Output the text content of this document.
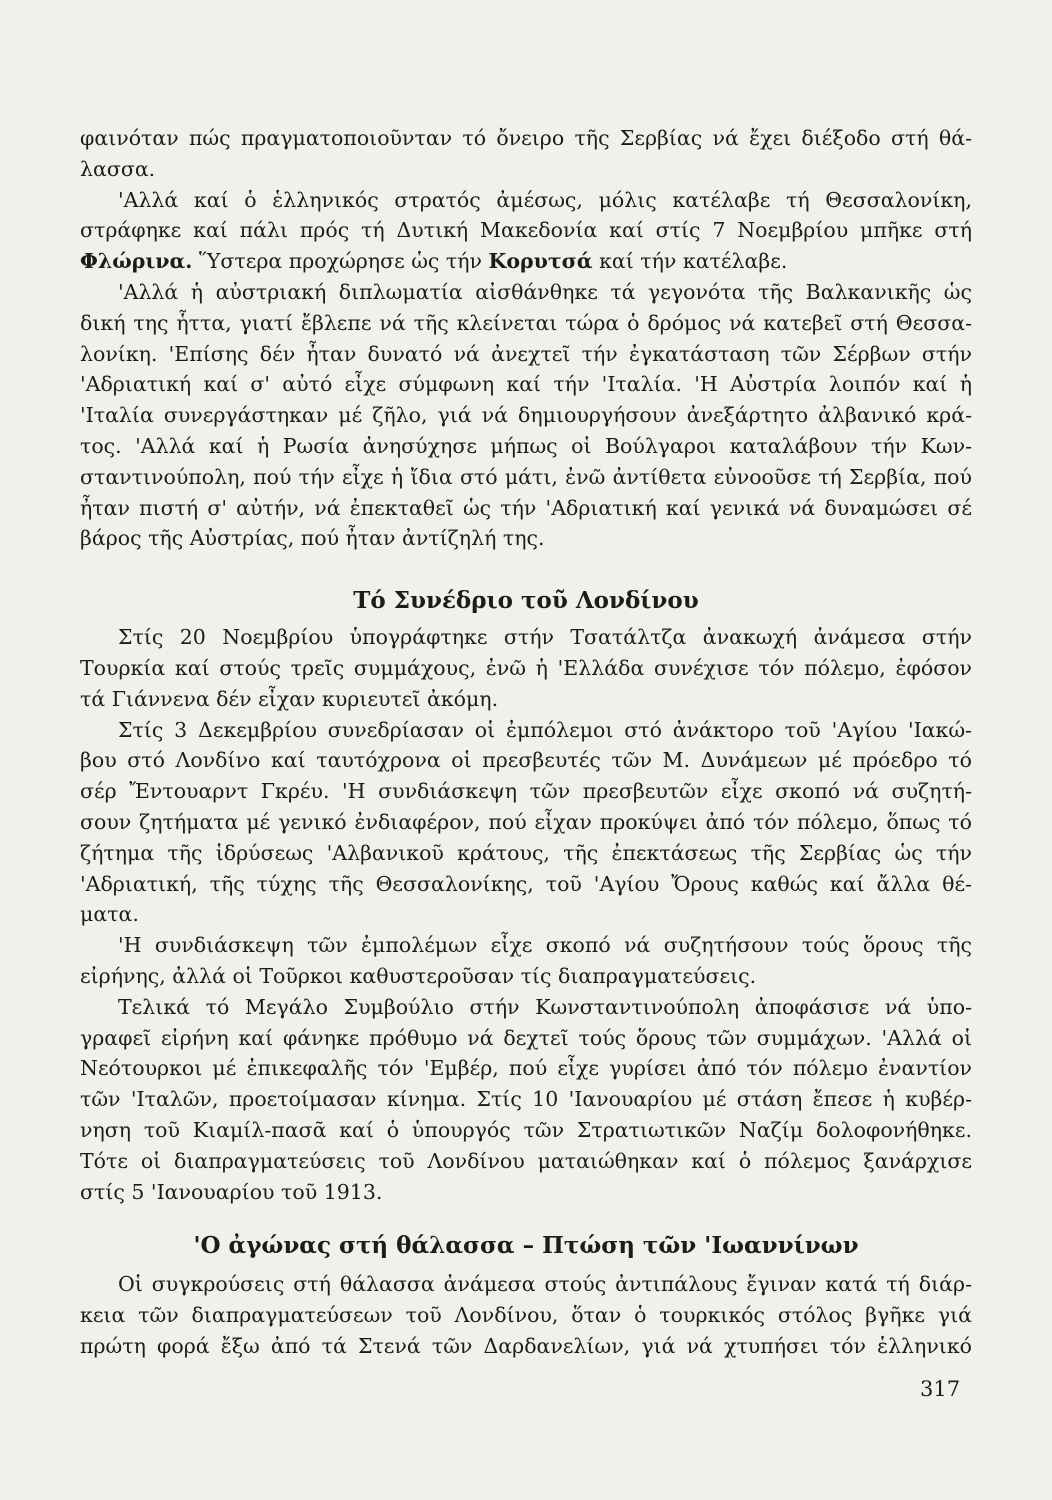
φαινόταν πώς πραγματοποιοῦνταν τό ὄνειρο τῆς Σερβίας νά ἔχει διέξοδο στή θά-
λασσα.

'Αλλά καί ὁ ἑλληνικός στρατός ἀμέσως, μόλις κατέλαβε τή Θεσσαλονίκη,
στράφηκε καί πάλι πρός τή Δυτική Μακεδονία καί στίς 7 Νοεμβρίου μπῆκε στή
Φλώρινα. Ὕστερα προχώρησε ὡς τήν Κορυτσά καί τήν κατέλαβε.

'Αλλά ἡ αὐστριακή διπλωματία αἰσθάνθηκε τά γεγονότα τῆς Βαλκανικῆς ὡς
δική της ἧττα, γιατί ἔβλεπε νά τῆς κλείνεται τώρα ὁ δρόμος νά κατεβεῖ στή Θεσσα-
λονίκη. 'Επίσης δέν ἦταν δυνατό νά ἀνεχτεῖ τήν ἐγκατάσταση τῶν Σέρβων στήν
'Αδριατική καί σ' αὐτό εἶχε σύμφωνη καί τήν 'Ιταλία. 'Η Αὐστρία λοιπόν καί ἡ
'Ιταλία συνεργάστηκαν μέ ζῆλο, γιά νά δημιουργήσουν ἀνεξάρτητο ἀλβανικό κρά-
τος. 'Αλλά καί ἡ Ρωσία ἀνησύχησε μήπως οἱ Βούλγαροι καταλάβουν τήν Κων-
σταντινούπολη, πού τήν εἶχε ἡ ἴδια στό μάτι, ἐνῶ ἀντίθετα εὐνοοῦσε τή Σερβία, πού
ἦταν πιστή σ' αὐτήν, νά ἐπεκταθεῖ ὡς τήν 'Αδριατική καί γενικά νά δυναμώσει σέ
βάρος τῆς Αὐστρίας, πού ἦταν ἀντίζηλή της.

Τό Συνέδριο τοῦ Λονδίνου

Στίς 20 Νοεμβρίου ὑπογράφτηκε στήν Τσατάλτζα ἀνακωχή ἀνάμεσα στήν
Τουρκία καί στούς τρεῖς συμμάχους, ἐνῶ ἡ 'Ελλάδα συνέχισε τόν πόλεμο, ἐφόσον
τά Γιάννενα δέν εἶχαν κυριευτεῖ ἀκόμη.

Στίς 3 Δεκεμβρίου συνεδρίασαν οἱ ἐμπόλεμοι στό ἀνάκτορο τοῦ 'Αγίου 'Ιακώ-
βου στό Λονδίνο καί ταυτόχρονα οἱ πρεσβευτές τῶν Μ. Δυνάμεων μέ πρόεδρο τό
σέρ Ἔντουαρντ Γκρέυ. 'Η συνδιάσκεψη τῶν πρεσβευτῶν εἶχε σκοπό νά συζητή-
σουν ζητήματα μέ γενικό ἐνδιαφέρον, πού εἶχαν προκύψει ἀπό τόν πόλεμο, ὅπως τό
ζήτημα τῆς ἱδρύσεως 'Αλβανικοῦ κράτους, τῆς ἐπεκτάσεως τῆς Σερβίας ὡς τήν
'Αδριατική, τῆς τύχης τῆς Θεσσαλονίκης, τοῦ 'Αγίου Ὄρους καθώς καί ἄλλα θέ-
ματα.

'Η συνδιάσκεψη τῶν ἐμπολέμων εἶχε σκοπό νά συζητήσουν τούς ὅρους τῆς
εἰρήνης, ἀλλά οἱ Τοῦρκοι καθυστεροῦσαν τίς διαπραγματεύσεις.

Τελικά τό Μεγάλο Συμβούλιο στήν Κωνσταντινούπολη ἀποφάσισε νά ὑπο-
γραφεῖ εἰρήνη καί φάνηκε πρόθυμο νά δεχτεῖ τούς ὅρους τῶν συμμάχων. 'Αλλά οἱ
Νεότουρκοι μέ ἐπικεφαλῆς τόν 'Εμβέρ, πού εἶχε γυρίσει ἀπό τόν πόλεμο ἐναντίον
τῶν 'Ιταλῶν, προετοίμασαν κίνημα. Στίς 10 'Ιανουαρίου μέ στάση ἔπεσε ἡ κυβέρ-
νηση τοῦ Κιαμίλ-πασᾶ καί ὁ ὑπουργός τῶν Στρατιωτικῶν Ναζίμ δολοφονήθηκε.
Τότε οἱ διαπραγματεύσεις τοῦ Λονδίνου ματαιώθηκαν καί ὁ πόλεμος ξανάρχισε
στίς 5 'Ιανουαρίου τοῦ 1913.

'Ο ἀγώνας στή θάλασσα – Πτώση τῶν 'Ιωαννίνων

Οἱ συγκρούσεις στή θάλασσα ἀνάμεσα στούς ἀντιπάλους ἔγιναν κατά τή διάρ-
κεια τῶν διαπραγματεύσεων τοῦ Λονδίνου, ὅταν ὁ τουρκικός στόλος βγῆκε γιά
πρώτη φορά ἔξω ἀπό τά Στενά τῶν Δαρδανελίων, γιά νά χτυπήσει τόν ἑλληνικό

317
